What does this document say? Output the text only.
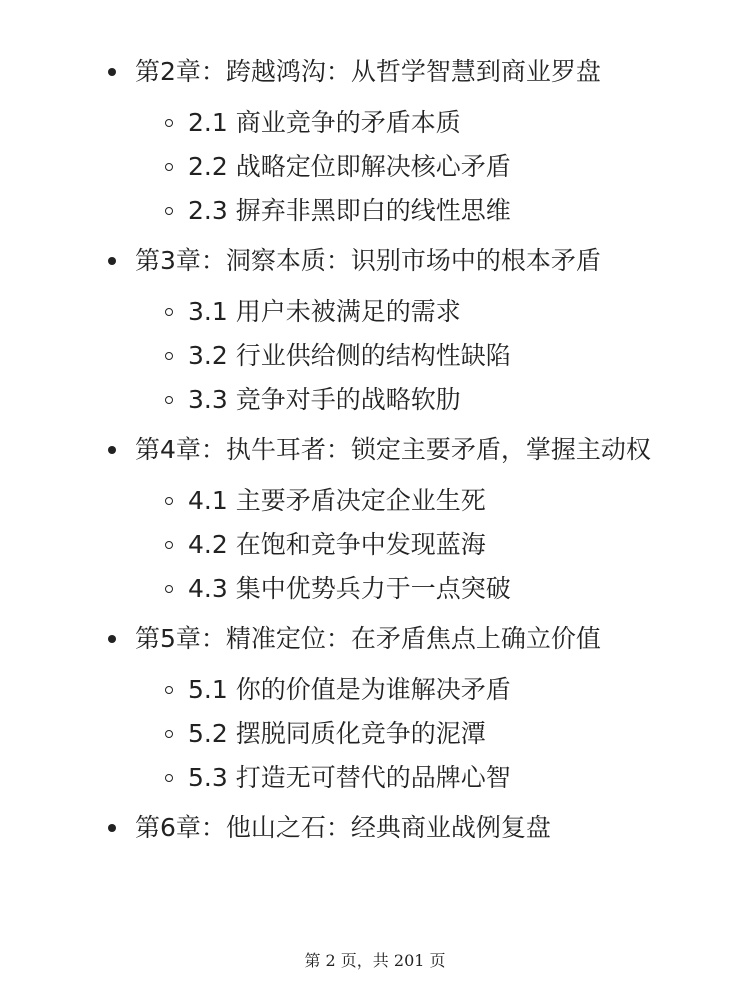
第2章：跨越鸿沟：从哲学智慧到商业罗盘
2.1 商业竞争的矛盾本质
2.2 战略定位即解决核心矛盾
2.3 摒弃非黑即白的线性思维
第3章：洞察本质：识别市场中的根本矛盾
3.1 用户未被满足的需求
3.2 行业供给侧的结构性缺陷
3.3 竞争对手的战略软肋
第4章：执牛耳者：锁定主要矛盾，掌握主动权
4.1 主要矛盾决定企业生死
4.2 在饱和竞争中发现蓝海
4.3 集中优势兵力于一点突破
第5章：精准定位：在矛盾焦点上确立价值
5.1 你的价值是为谁解决矛盾
5.2 摆脱同质化竞争的泥潭
5.3 打造无可替代的品牌心智
第6章：他山之石：经典商业战例复盘
第 2 页，共 201 页
